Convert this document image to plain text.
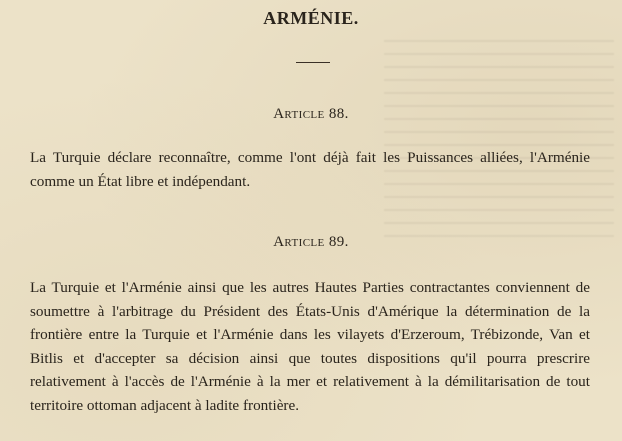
ARMÉNIE.
Article 88.
La Turquie déclare reconnaître, comme l'ont déjà fait les Puissances alliées, l'Arménie comme un État libre et indépendant.
Article 89.
La Turquie et l'Arménie ainsi que les autres Hautes Parties contractantes conviennent de soumettre à l'arbitrage du Président des États-Unis d'Amérique la détermination de la frontière entre la Turquie et l'Arménie dans les vilayets d'Erzeroum, Trébizonde, Van et Bitlis et d'accepter sa décision ainsi que toutes dispositions qu'il pourra prescrire relativement à l'accès de l'Arménie à la mer et relativement à la démilitarisation de tout territoire ottoman adjacent à ladite frontière.
